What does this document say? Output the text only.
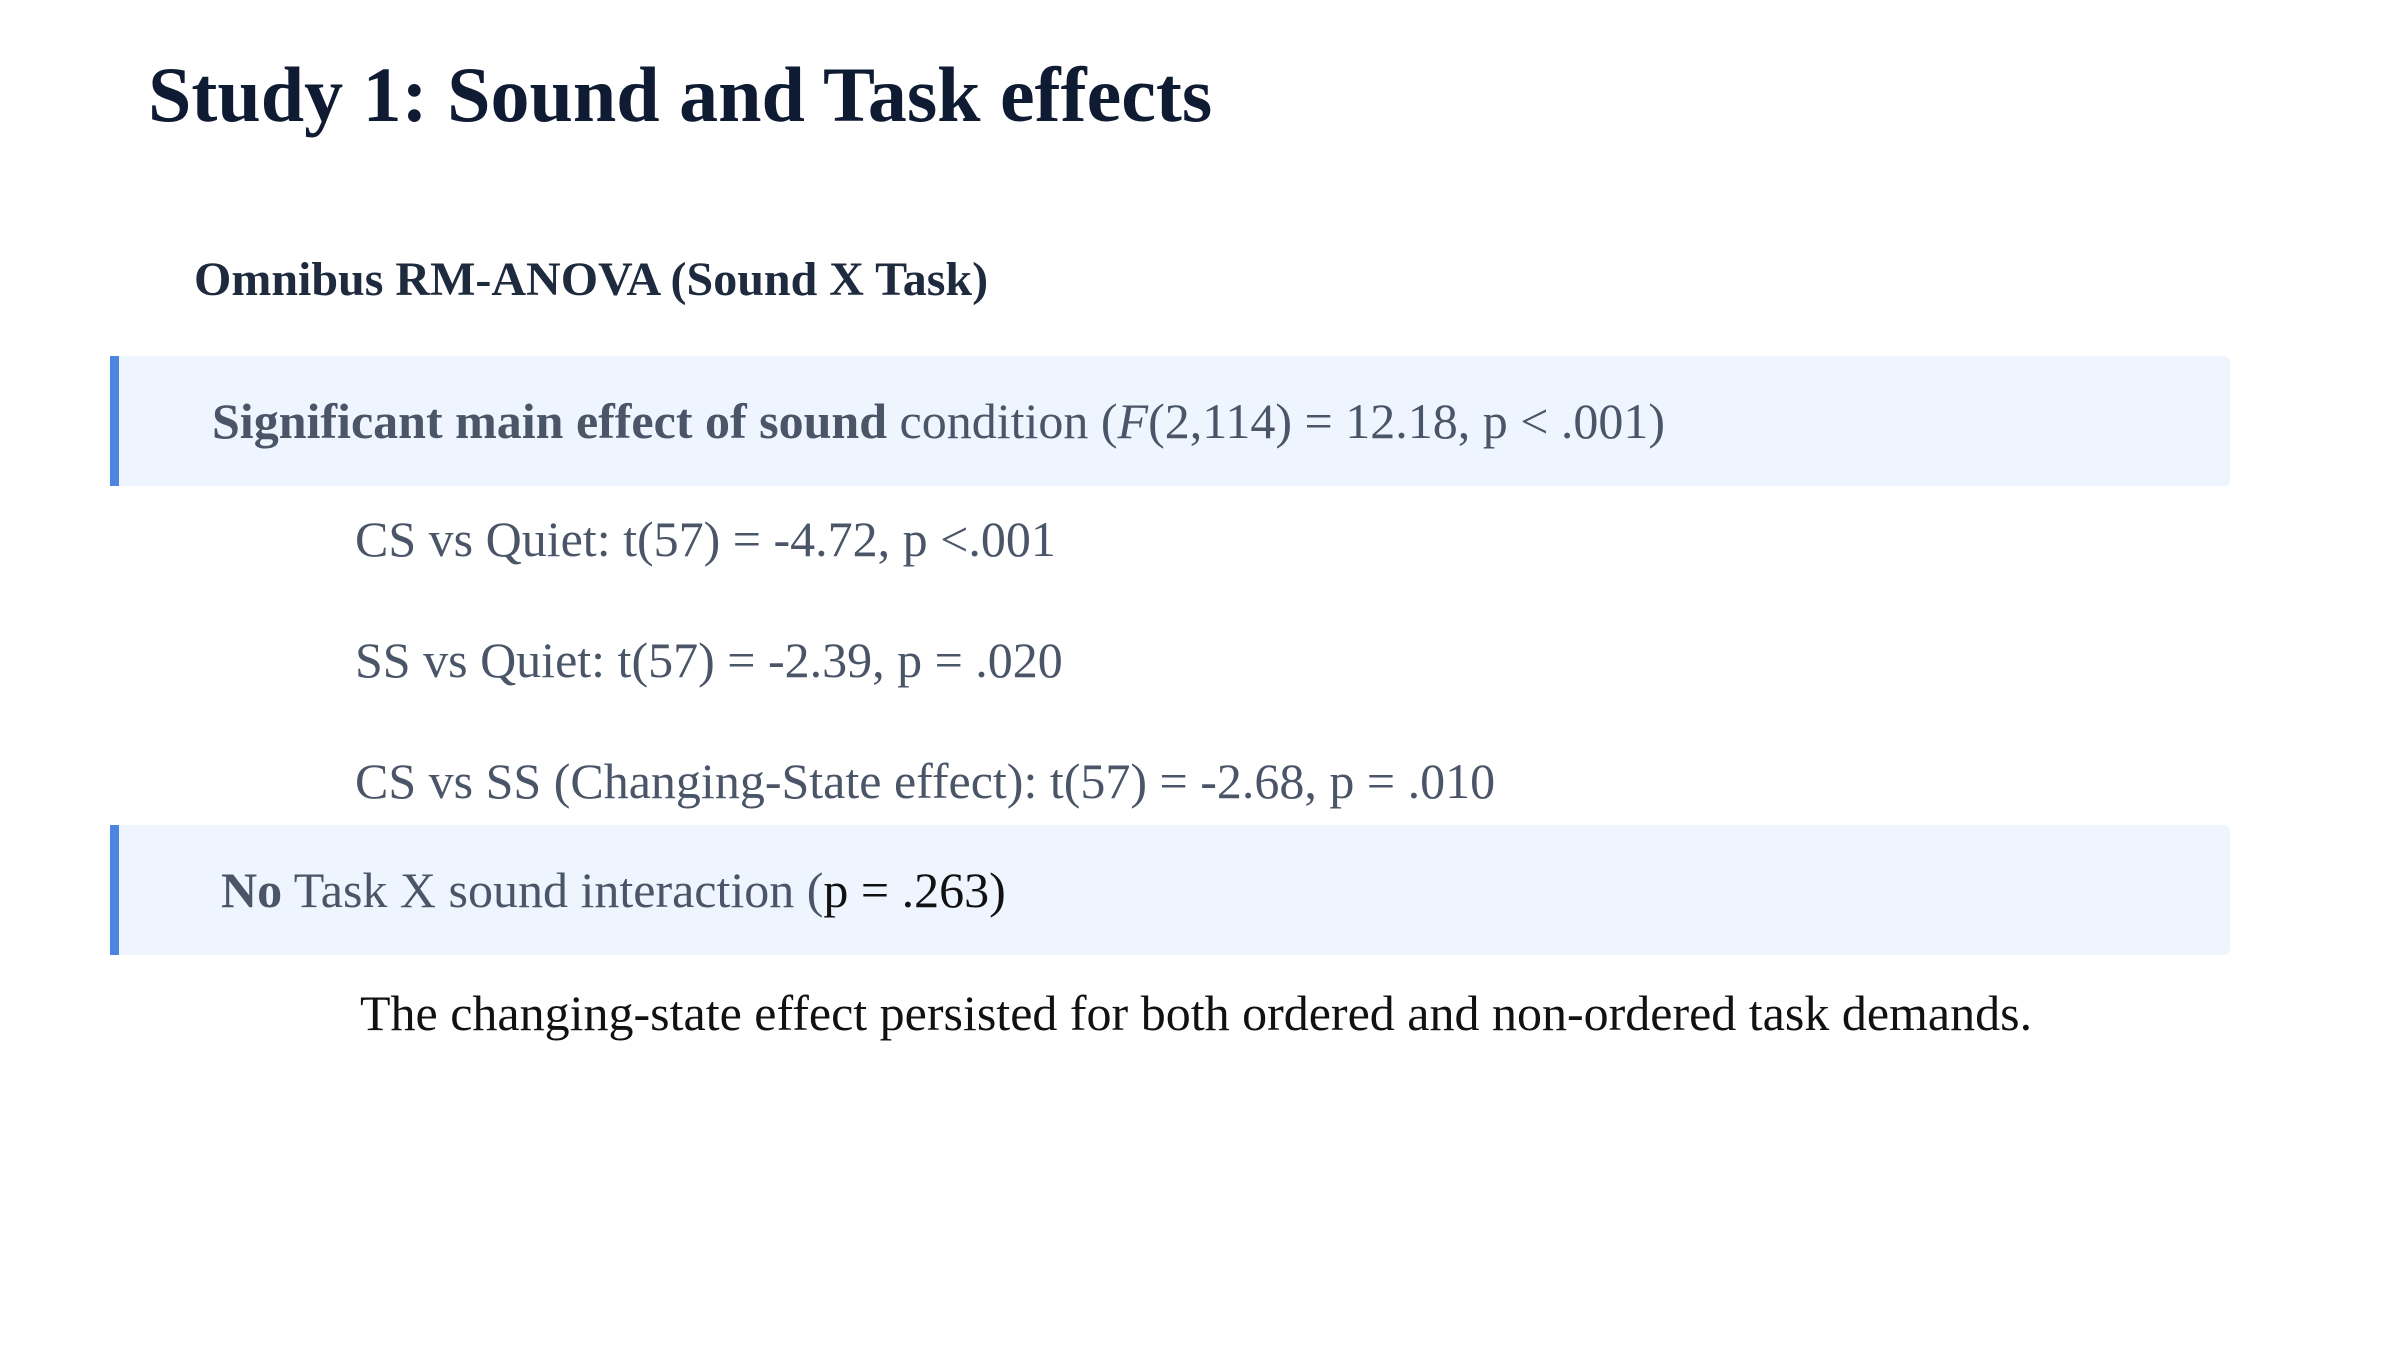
Study 1: Sound and Task effects
Omnibus RM-ANOVA (Sound X Task)
Significant main effect of sound condition (F(2,114) = 12.18, p < .001)
CS vs Quiet: t(57) = -4.72, p <.001
SS vs Quiet: t(57) = -2.39, p = .020
CS vs SS (Changing-State effect): t(57) = -2.68, p = .010
No Task X sound interaction (p = .263)
The changing-state effect persisted for both ordered and non-ordered task demands.
